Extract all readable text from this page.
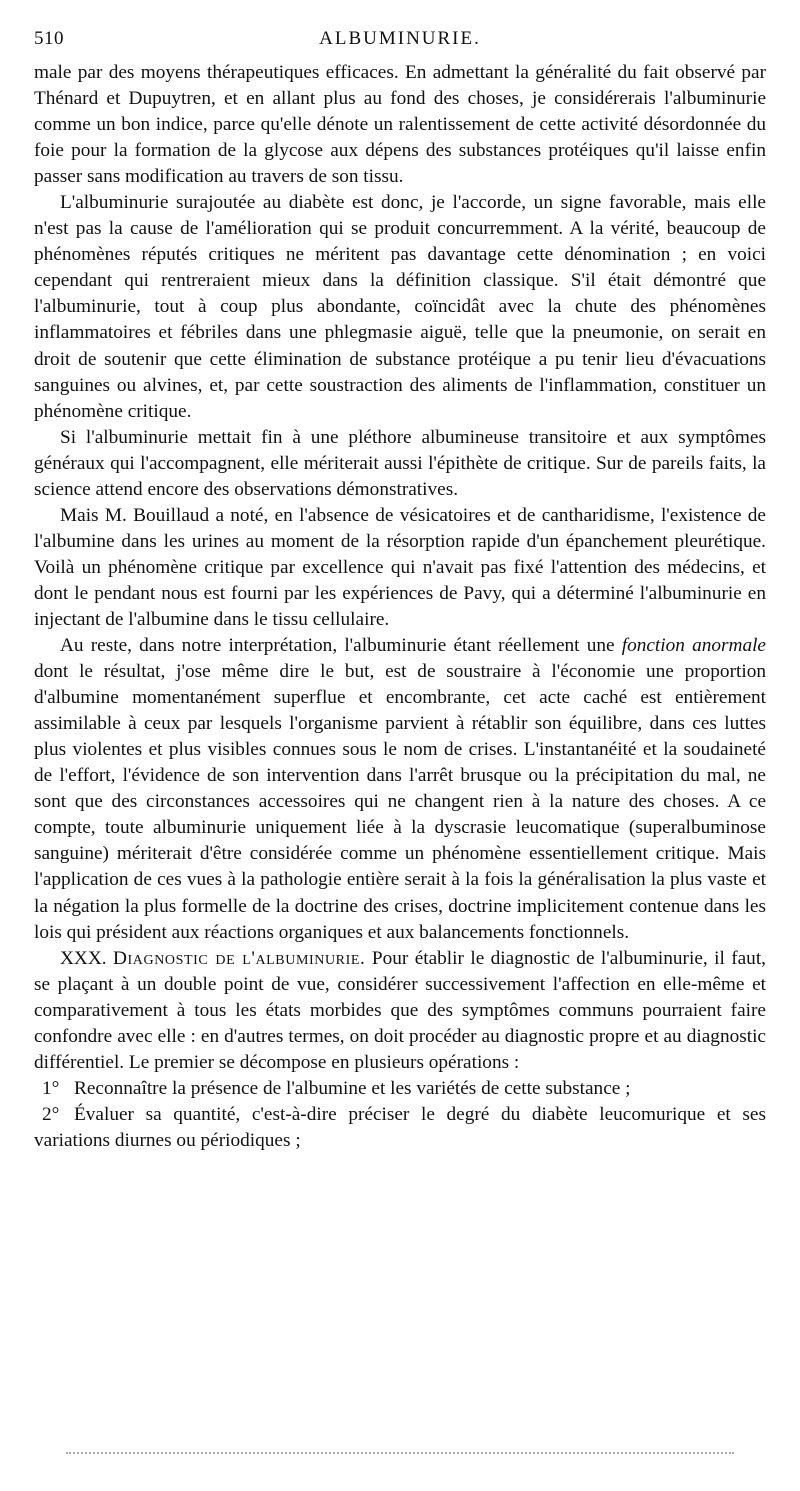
510	ALBUMINURIE.

male par des moyens thérapeutiques efficaces. En admettant la généralité du fait observé par Thénard et Dupuytren, et en allant plus au fond des choses, je considérerais l'albuminurie comme un bon indice, parce qu'elle dénote un ralentissement de cette activité désordonnée du foie pour la formation de la glycose aux dépens des substances protéiques qu'il laisse enfin passer sans modification au travers de son tissu.

L'albuminurie surajoutée au diabète est donc, je l'accorde, un signe favorable, mais elle n'est pas la cause de l'amélioration qui se produit concurremment. A la vérité, beaucoup de phénomènes réputés critiques ne méritent pas davantage cette dénomination ; en voici cependant qui rentreraient mieux dans la définition classique. S'il était démontré que l'albuminurie, tout à coup plus abondante, coïncidât avec la chute des phénomènes inflammatoires et fébriles dans une phlegmasie aiguë, telle que la pneumonie, on serait en droit de soutenir que cette élimination de substance protéique a pu tenir lieu d'évacuations sanguines ou alvines, et, par cette soustraction des aliments de l'inflammation, constituer un phénomène critique.

Si l'albuminurie mettait fin à une pléthore albumineuse transitoire et aux symptômes généraux qui l'accompagnent, elle mériterait aussi l'épithète de critique. Sur de pareils faits, la science attend encore des observations démonstratives.

Mais M. Bouillaud a noté, en l'absence de vésicatoires et de cantharidisme, l'existence de l'albumine dans les urines au moment de la résorption rapide d'un épanchement pleurétique. Voilà un phénomène critique par excellence qui n'avait pas fixé l'attention des médecins, et dont le pendant nous est fourni par les expériences de Pavy, qui a déterminé l'albuminurie en injectant de l'albumine dans le tissu cellulaire.

Au reste, dans notre interprétation, l'albuminurie étant réellement une fonction anormale dont le résultat, j'ose même dire le but, est de soustraire à l'économie une proportion d'albumine momentanément superflue et encombrante, cet acte caché est entièrement assimilable à ceux par lesquels l'organisme parvient à rétablir son équilibre, dans ces luttes plus violentes et plus visibles connues sous le nom de crises. L'instantanéité et la soudaineté de l'effort, l'évidence de son intervention dans l'arrêt brusque ou la précipitation du mal, ne sont que des circonstances accessoires qui ne changent rien à la nature des choses. A ce compte, toute albuminurie uniquement liée à la dyscrasie leucomatique (superalbuminose sanguine) mériterait d'être considérée comme un phénomène essentiellement critique. Mais l'application de ces vues à la pathologie entière serait à la fois la généralisation la plus vaste et la négation la plus formelle de la doctrine des crises, doctrine implicitement contenue dans les lois qui président aux réactions organiques et aux balancements fonctionnels.

XXX. Diagnostic de l'albuminurie. Pour établir le diagnostic de l'albuminurie, il faut, se plaçant à un double point de vue, considérer successivement l'affection en elle-même et comparativement à tous les états morbides que des symptômes communs pourraient faire confondre avec elle : en d'autres termes, on doit procéder au diagnostic propre et au diagnostic différentiel. Le premier se décompose en plusieurs opérations :

1° Reconnaître la présence de l'albumine et les variétés de cette substance ;

2° Évaluer sa quantité, c'est-à-dire préciser le degré du diabète leucomurique et ses variations diurnes ou périodiques ;
